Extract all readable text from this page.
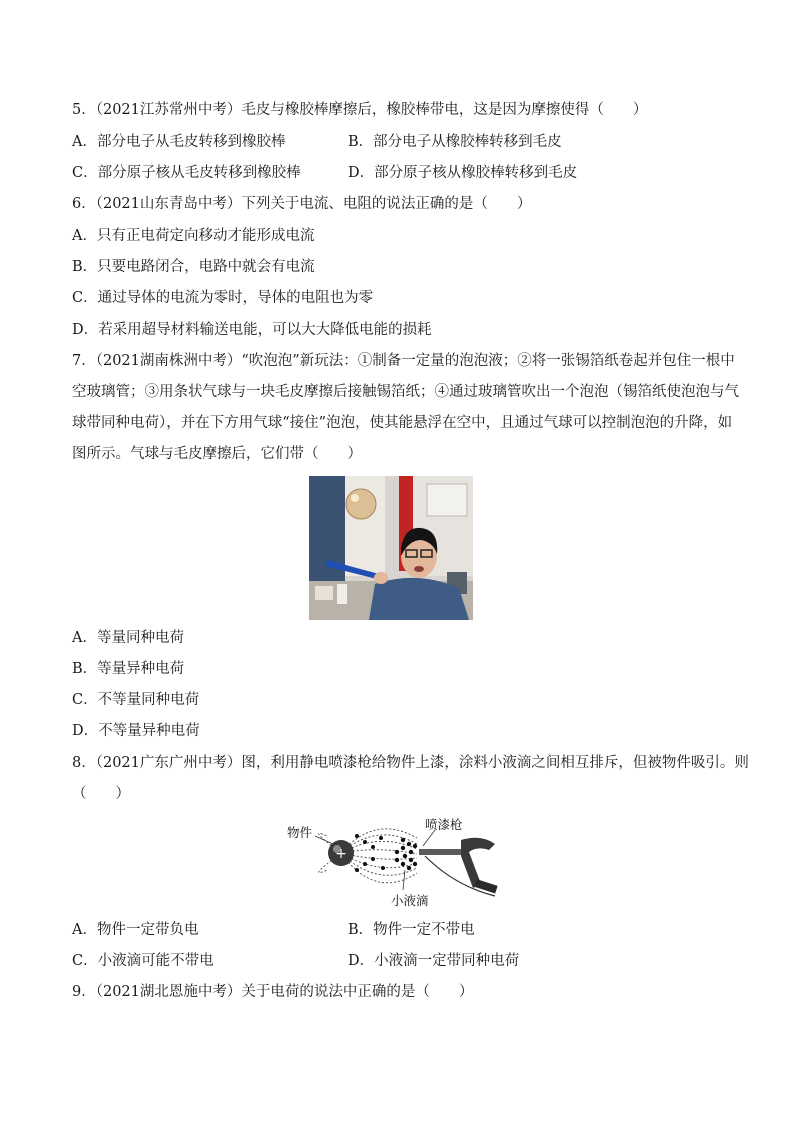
5．（2021江苏常州中考）毛皮与橡胶棒摩擦后，橡胶棒带电，这是因为摩擦使得（　　）
A．部分电子从毛皮转移到橡胶棒	B．部分电子从橡胶棒转移到毛皮
C．部分原子核从毛皮转移到橡胶棒	D．部分原子核从橡胶棒转移到毛皮
6．（2021山东青岛中考）下列关于电流、电阻的说法正确的是（　　）
A．只有正电荷定向移动才能形成电流
B．只要电路闭合，电路中就会有电流
C．通过导体的电流为零时，导体的电阻也为零
D．若采用超导材料输送电能，可以大大降低电能的损耗
7．（2021湖南株洲中考）“吹泡泡”新玩法：①制备一定量的泡泡液；②将一张锡箔纸卷起并包住一根中
空玻璃管；③用条状气球与一块毛皮摩擦后接触锡箔纸；④通过玻璃管吹出一个泡泡（锡箔纸使泡泡与气
球带同种电荷），并在下方用气球“接住”泡泡，使其能悬浮在空中，且通过气球可以控制泡泡的升降，如
图所示。气球与毛皮摩擦后，它们带（　　）
A．等量同种电荷
B．等量异种电荷
C．不等量同种电荷
D．不等量异种电荷
8．（2021广东广州中考）图，利用静电喷漆枪给物件上漆，涂料小液滴之间相互排斥，但被物件吸引。则
（　　）
+
物件
喷漆枪
小液滴
A．物件一定带负电	B．物件一定不带电
C．小液滴可能不带电	D．小液滴一定带同种电荷
9．（2021湖北恩施中考）关于电荷的说法中正确的是（　　）
